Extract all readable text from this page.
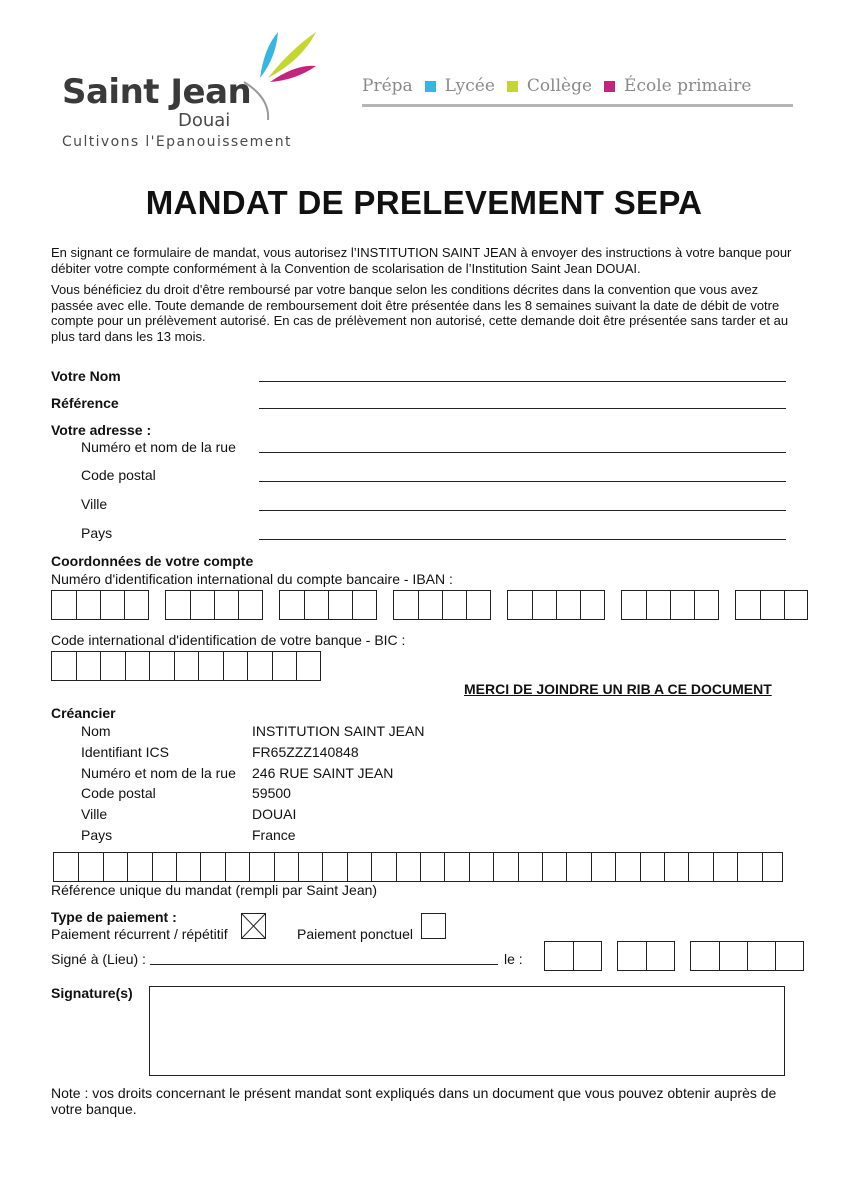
Saint Jean
Douai
Cultivons l'Epanouissement
Prépa Lycée Collège École primaire
MANDAT DE PRELEVEMENT SEPA
En signant ce formulaire de mandat, vous autorisez l’INSTITUTION SAINT JEAN à envoyer des instructions à votre banque pour débiter votre compte conformément à la Convention de scolarisation de l’Institution Saint Jean DOUAI.
Vous bénéficiez du droit d'être remboursé par votre banque selon les conditions décrites dans la convention que vous avez passée avec elle. Toute demande de remboursement doit être présentée dans les 8 semaines suivant la date de débit de votre compte pour un prélèvement autorisé. En cas de prélèvement non autorisé, cette demande doit être présentée sans tarder et au plus tard dans les 13 mois.
Votre Nom
Référence
Votre adresse :
Numéro et nom de la rue
Code postal
Ville
Pays
Coordonnées de votre compte
Numéro d'identification international du compte bancaire - IBAN :
Code international d'identification de votre banque - BIC :
MERCI DE JOINDRE UN RIB A CE DOCUMENT
Créancier
Nom	INSTITUTION SAINT JEAN
Identifiant ICS	FR65ZZZ140848
Numéro et nom de la rue 246 RUE SAINT JEAN
Code postal	59500
Ville	DOUAI
Pays	France
Référence unique du mandat (rempli par Saint Jean)
Type de paiement :
Paiement récurrent / répétitif	Paiement ponctuel
Signé à (Lieu) :	le :
Signature(s)
Note : vos droits concernant le présent mandat sont expliqués dans un document que vous pouvez obtenir auprès de votre banque.
